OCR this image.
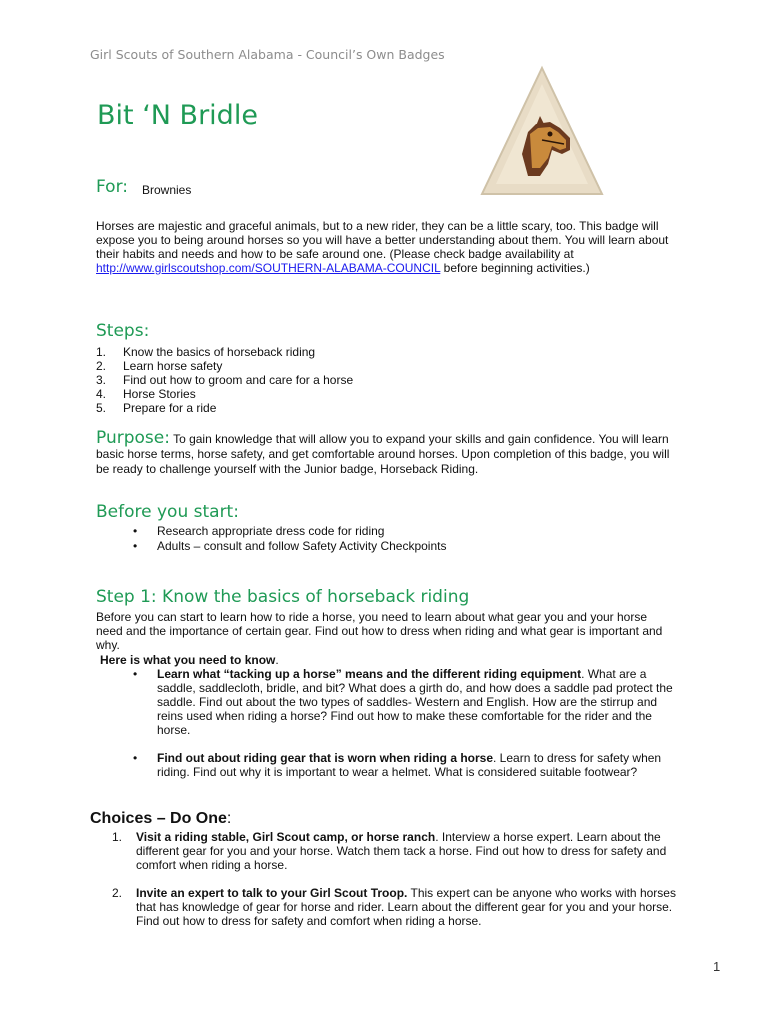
Girl Scouts of Southern Alabama - Council’s Own Badges
Bit ‘N Bridle
For: Brownies
Horses are majestic and graceful animals, but to a new rider, they can be a little scary, too. This badge will expose you to being around horses so you will have a better understanding about them. You will learn about their habits and needs and how to be safe around one. (Please check badge availability at http://www.girlscoutshop.com/SOUTHERN-ALABAMA-COUNCIL before beginning activities.)
Steps:
1.	Know the basics of horseback riding
2.	Learn horse safety
3.	Find out how to groom and care for a horse
4.	Horse Stories
5.	Prepare for a ride
Purpose: To gain knowledge that will allow you to expand your skills and gain confidence. You will learn basic horse terms, horse safety, and get comfortable around horses. Upon completion of this badge, you will be ready to challenge yourself with the Junior badge, Horseback Riding.
Before you start:
•	Research appropriate dress code for riding
•	Adults – consult and follow Safety Activity Checkpoints
Step 1: Know the basics of horseback riding
Before you can start to learn how to ride a horse, you need to learn about what gear you and your horse need and the importance of certain gear. Find out how to dress when riding and what gear is important and why.
Here is what you need to know.
•	Learn what “tacking up a horse” means and the different riding equipment. What are a saddle, saddlecloth, bridle, and bit? What does a girth do, and how does a saddle pad protect the saddle. Find out about the two types of saddles- Western and English. How are the stirrup and reins used when riding a horse? Find out how to make these comfortable for the rider and the horse.
•	Find out about riding gear that is worn when riding a horse. Learn to dress for safety when riding. Find out why it is important to wear a helmet. What is considered suitable footwear?
Choices – Do One:
1.	Visit a riding stable, Girl Scout camp, or horse ranch. Interview a horse expert. Learn about the different gear for you and your horse. Watch them tack a horse. Find out how to dress for safety and comfort when riding a horse.
2.	Invite an expert to talk to your Girl Scout Troop. This expert can be anyone who works with horses that has knowledge of gear for horse and rider. Learn about the different gear for you and your horse. Find out how to dress for safety and comfort when riding a horse.
1
